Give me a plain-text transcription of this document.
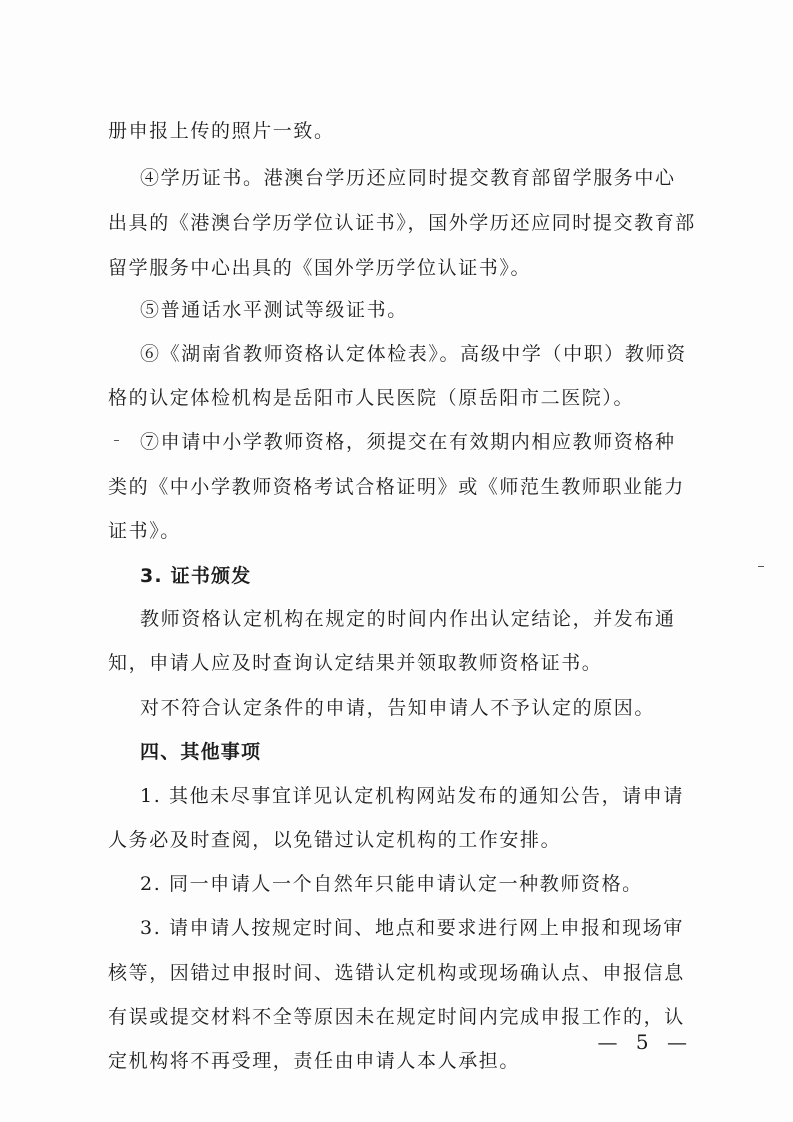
册申报上传的照片一致。
④学历证书。港澳台学历还应同时提交教育部留学服务中心
出具的《港澳台学历学位认证书》，国外学历还应同时提交教育部
留学服务中心出具的《国外学历学位认证书》。
⑤普通话水平测试等级证书。
⑥《湖南省教师资格认定体检表》。高级中学（中职）教师资
格的认定体检机构是岳阳市人民医院（原岳阳市二医院）。
⑦申请中小学教师资格，须提交在有效期内相应教师资格种
类的《中小学教师资格考试合格证明》或《师范生教师职业能力
证书》。
3. 证书颁发
教师资格认定机构在规定的时间内作出认定结论，并发布通
知，申请人应及时查询认定结果并领取教师资格证书。
对不符合认定条件的申请，告知申请人不予认定的原因。
四、其他事项
1. 其他未尽事宜详见认定机构网站发布的通知公告，请申请
人务必及时查阅，以免错过认定机构的工作安排。
2. 同一申请人一个自然年只能申请认定一种教师资格。
3. 请申请人按规定时间、地点和要求进行网上申报和现场审
核等，因错过申报时间、选错认定机构或现场确认点、申报信息
有误或提交材料不全等原因未在规定时间内完成申报工作的，认
定机构将不再受理，责任由申请人本人承担。
— 5 —
